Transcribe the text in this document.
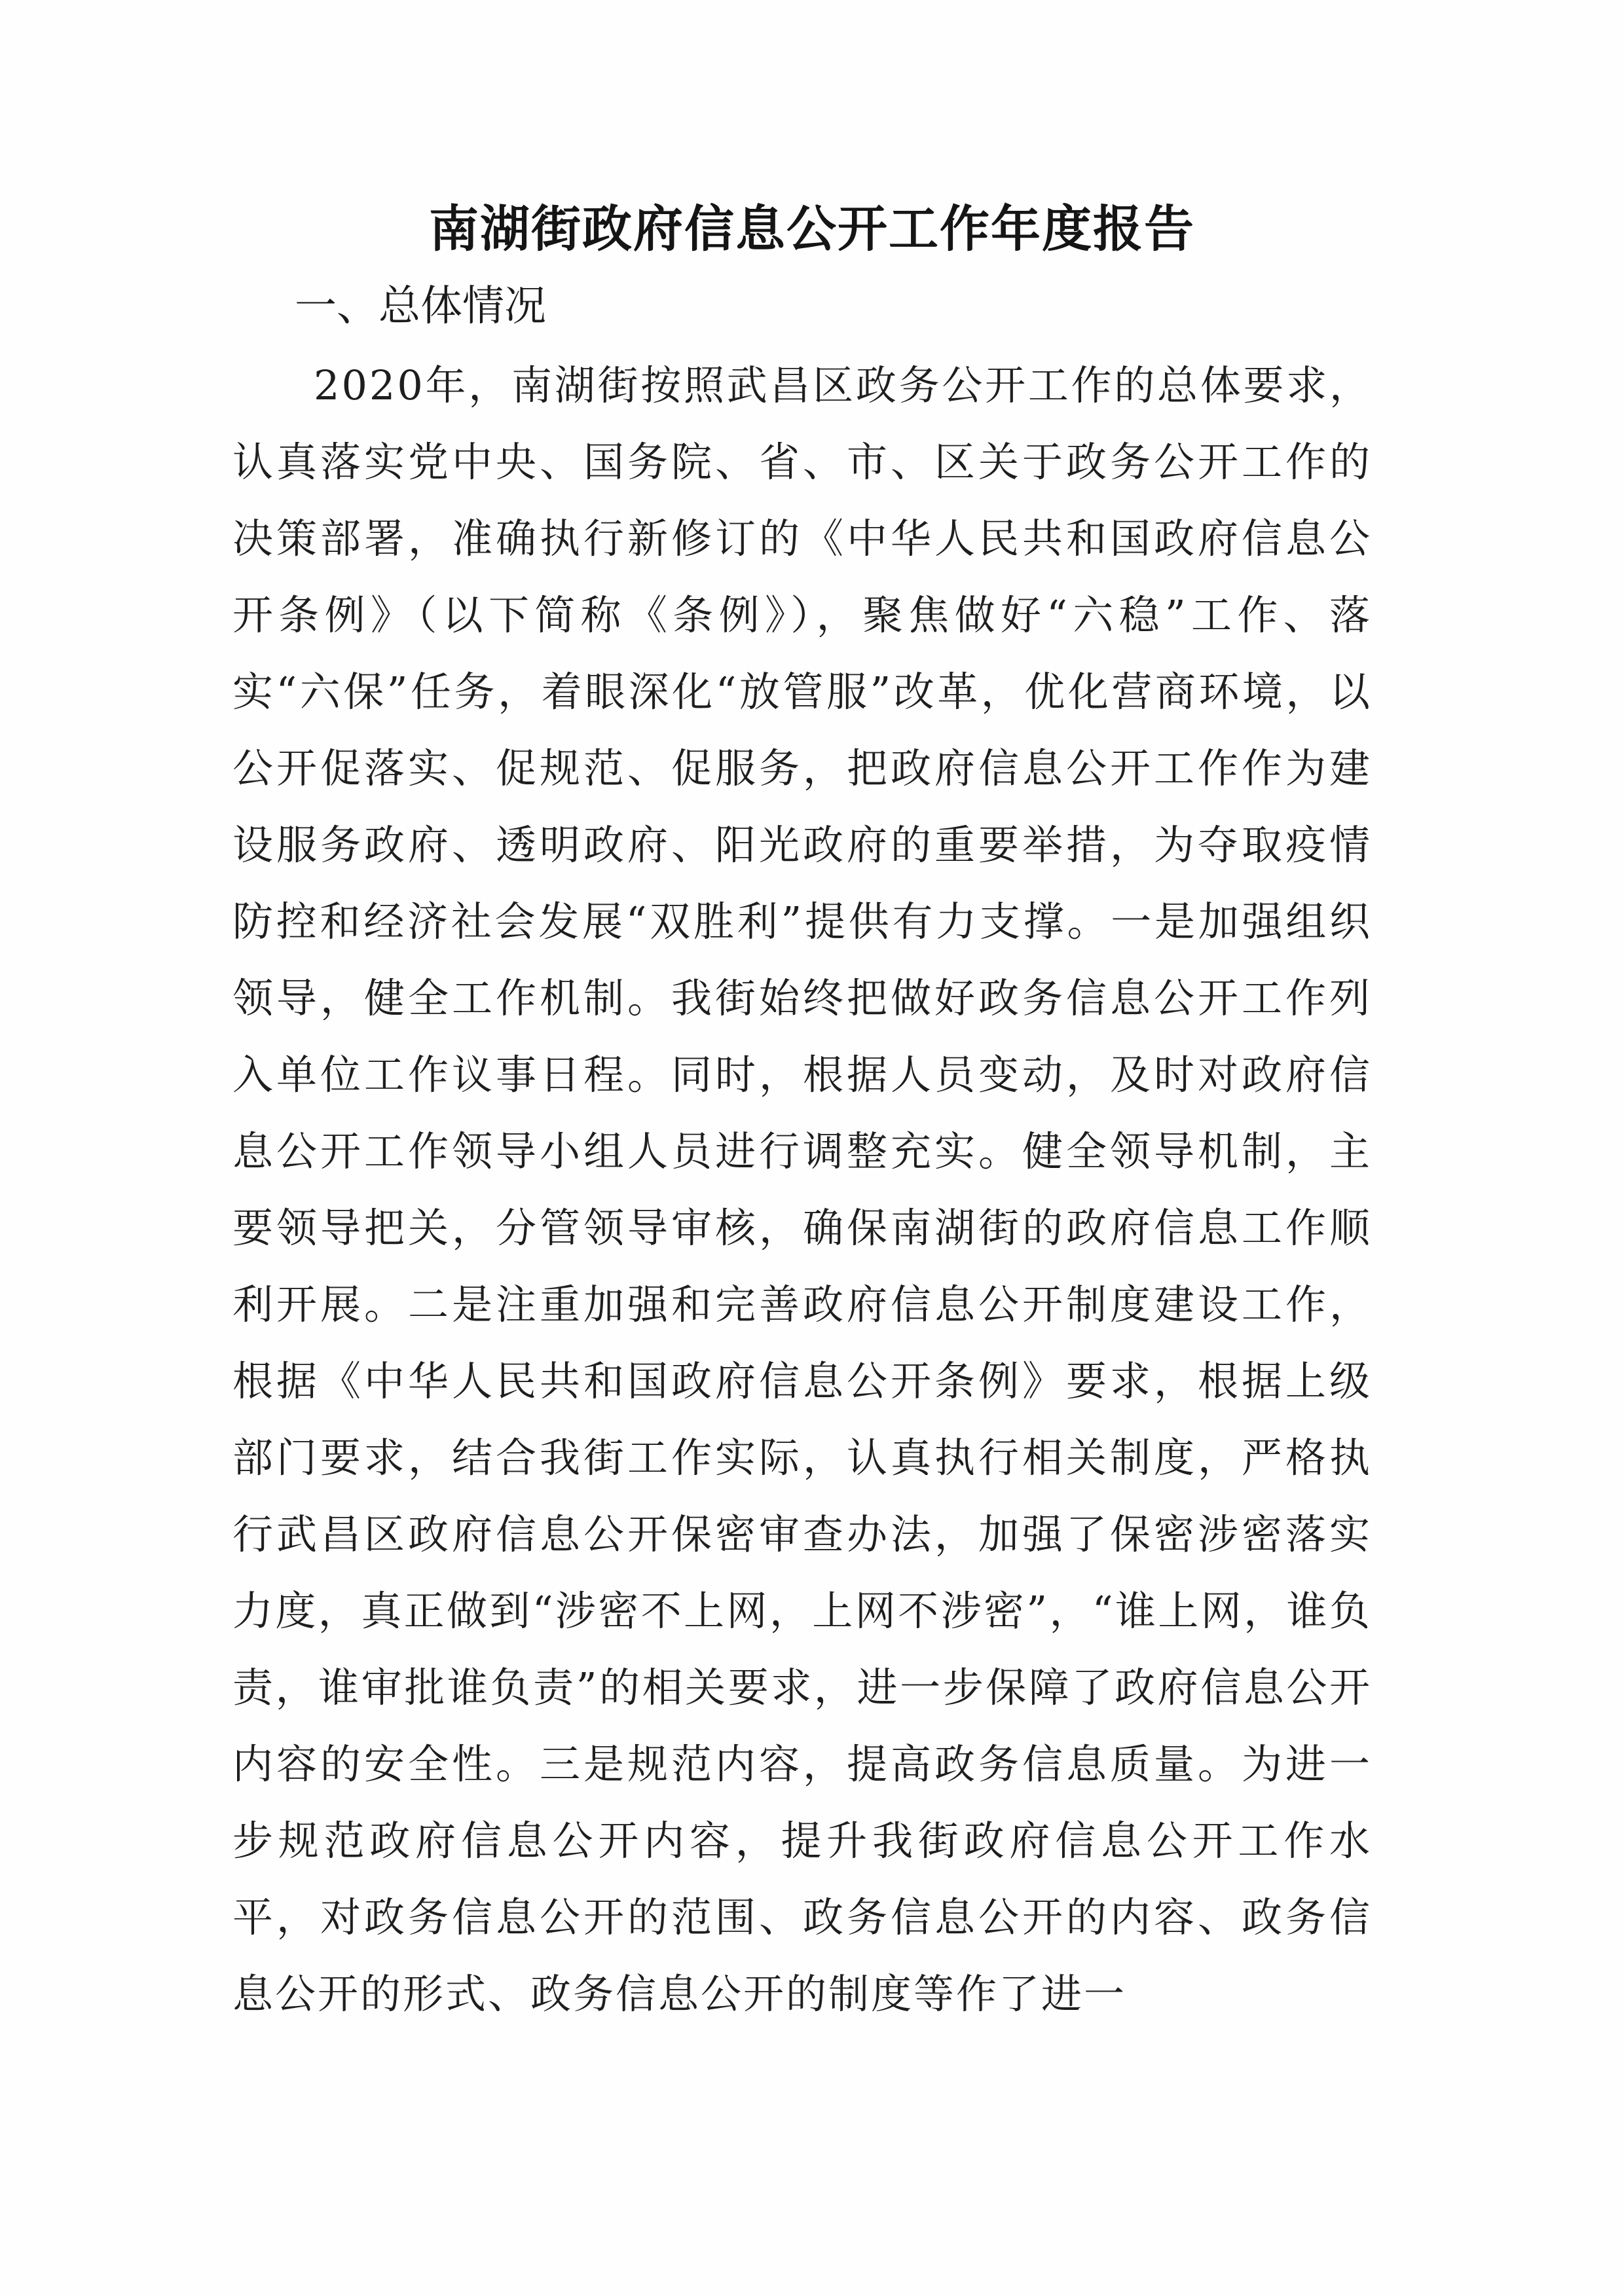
南湖街政府信息公开工作年度报告
一、总体情况

2020年，南湖街按照武昌区政务公开工作的总体要求，认真落实党中央、国务院、省、市、区关于政务公开工作的决策部署，准确执行新修订的《中华人民共和国政府信息公开条例》（以下简称《条例》），聚焦做好“六稳”工作、落实“六保”任务，着眼深化“放管服”改革，优化营商环境，以公开促落实、促规范、促服务，把政府信息公开工作作为建设服务政府、透明政府、阳光政府的重要举措，为夺取疫情防控和经济社会发展“双胜利”提供有力支撑。一是加强组织领导，健全工作机制。我街始终把做好政务信息公开工作列入单位工作议事日程。同时，根据人员变动，及时对政府信息公开工作领导小组人员进行调整充实。健全领导机制，主要领导把关，分管领导审核，确保南湖街的政府信息工作顺利开展。二是注重加强和完善政府信息公开制度建设工作，根据《中华人民共和国政府信息公开条例》要求，根据上级部门要求，结合我街工作实际，认真执行相关制度，严格执行武昌区政府信息公开保密审查办法，加强了保密涉密落实力度，真正做到“涉密不上网，上网不涉密”，“谁上网，谁负责，谁审批谁负责”的相关要求，进一步保障了政府信息公开内容的安全性。三是规范内容，提高政务信息质量。为进一步规范政府信息公开内容，提升我街政府信息公开工作水平，对政务信息公开的范围、政务信息公开的内容、政务信息公开的形式、政务信息公开的制度等作了进一
